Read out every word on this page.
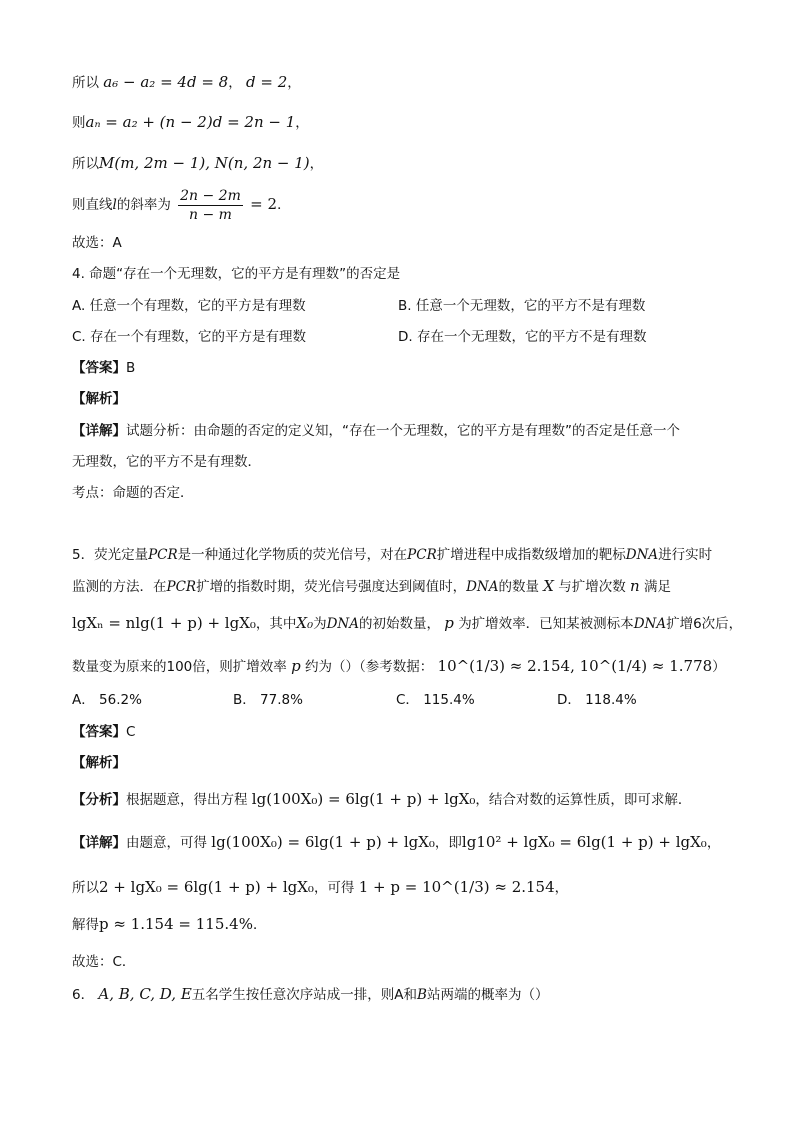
所以 a₆ − a₂ = 4d = 8， d = 2，
则aₙ = a₂ + (n − 2)d = 2n − 1，
所以M(m, 2m − 1), N(n, 2n − 1)，
则直线l的斜率为 $\frac{2n - 2m}{n - m} = 2$．
故选：A
4. 命题“存在一个无理数，它的平方是有理数”的否定是
A. 任意一个有理数，它的平方是有理数	B. 任意一个无理数，它的平方不是有理数
C. 存在一个有理数，它的平方是有理数	D. 存在一个无理数，它的平方不是有理数
【答案】B
【解析】
【详解】试题分析：由命题的否定的定义知，“存在一个无理数，它的平方是有理数”的否定是任意一个
无理数，它的平方不是有理数．
考点：命题的否定．
5．荧光定量PCR是一种通过化学物质的荧光信号，对在PCR扩增进程中成指数级增加的靶标DNA进行实时
监测的方法．在PCR扩增的指数时期，荧光信号强度达到阈值时，DNA的数量 X 与扩增次数 n 满足
lgXₙ = nlg(1 + p) + lgX₀，其中X₀为DNA的初始数量， p 为扩增效率．已知某被测标本DNA扩增6次后，
数量变为原来的100倍，则扩增效率 p 约为（）（参考数据： 10^(1/3) ≈ 2.154, 10^(1/4) ≈ 1.778）
A． 56.2%	B． 77.8%	C． 115.4%	D． 118.4%
【答案】C
【解析】
【分析】根据题意，得出方程 lg(100X₀) = 6lg(1 + p) + lgX₀，结合对数的运算性质，即可求解．
【详解】由题意，可得 lg(100X₀) = 6lg(1 + p) + lgX₀，即lg10² + lgX₀ = 6lg(1 + p) + lgX₀，
所以2 + lgX₀ = 6lg(1 + p) + lgX₀，可得 1 + p = 10^(1/3) ≈ 2.154，
解得p ≈ 1.154 = 115.4%．
故选：C．
6． A, B, C, D, E五名学生按任意次序站成一排，则A和B站两端的概率为（）
